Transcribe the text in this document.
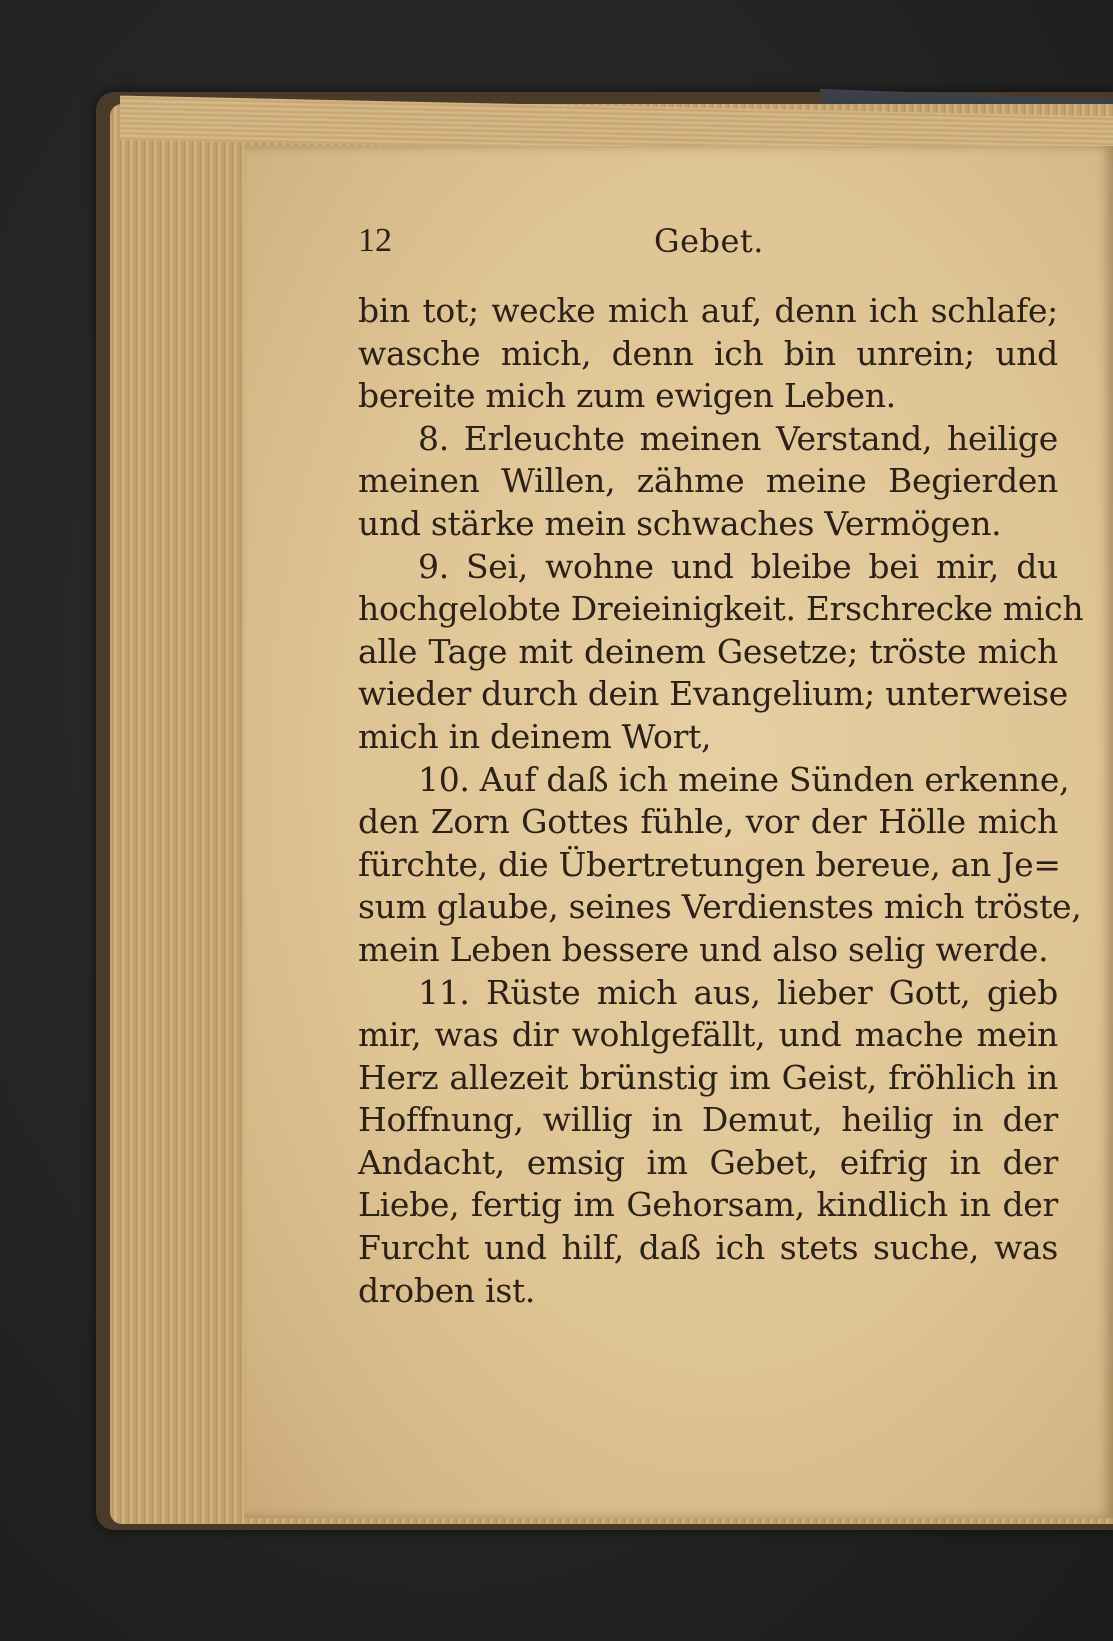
12	Gebet.
bin tot; wecke mich auf, denn ich schlafe;
wasche mich, denn ich bin unrein; und
bereite mich zum ewigen Leben.
8. Erleuchte meinen Verstand, heilige
meinen Willen, zähme meine Begierden
und stärke mein schwaches Vermögen.
9. Sei, wohne und bleibe bei mir, du
hochgelobte Dreieinigkeit. Erschrecke mich
alle Tage mit deinem Gesetze; tröste mich
wieder durch dein Evangelium; unterweise
mich in deinem Wort,
10. Auf daß ich meine Sünden erkenne,
den Zorn Gottes fühle, vor der Hölle mich
fürchte, die Übertretungen bereue, an Je=
sum glaube, seines Verdienstes mich tröste,
mein Leben bessere und also selig werde.
11. Rüste mich aus, lieber Gott, gieb
mir, was dir wohlgefällt, und mache mein
Herz allezeit brünstig im Geist, fröhlich in
Hoffnung, willig in Demut, heilig in der
Andacht, emsig im Gebet, eifrig in der
Liebe, fertig im Gehorsam, kindlich in der
Furcht und hilf, daß ich stets suche, was
droben ist.
